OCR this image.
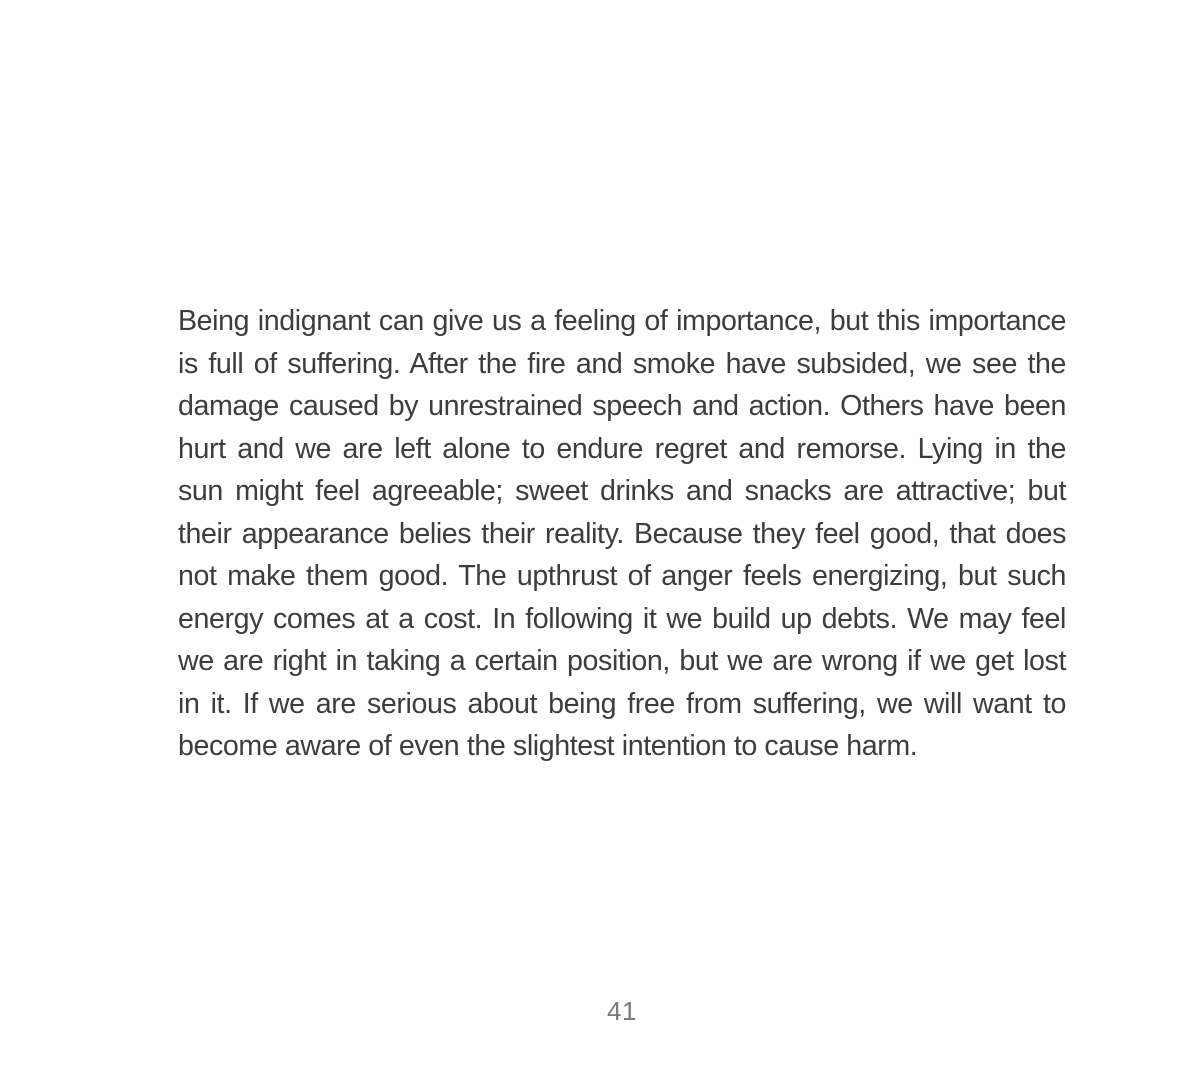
Being indignant can give us a feeling of importance, but this importance is full of suffering. After the fire and smoke have subsided, we see the damage caused by unrestrained speech and action. Others have been hurt and we are left alone to endure regret and remorse. Lying in the sun might feel agreeable; sweet drinks and snacks are attractive; but their appearance belies their reality. Because they feel good, that does not make them good. The upthrust of anger feels energizing, but such energy comes at a cost. In following it we build up debts. We may feel we are right in taking a certain position, but we are wrong if we get lost in it. If we are serious about being free from suffering, we will want to become aware of even the slightest intention to cause harm.

41
